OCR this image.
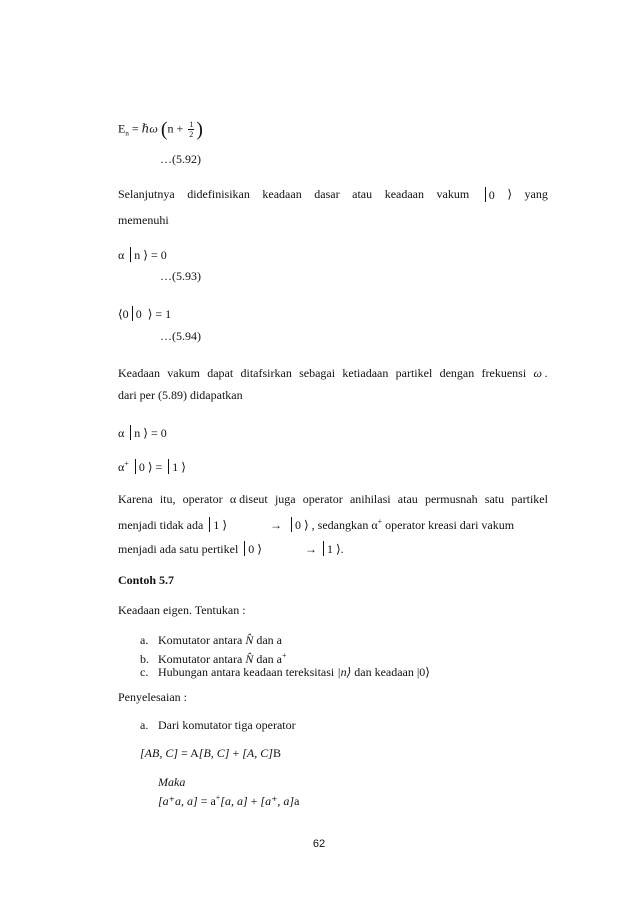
$E_n$ = ℏω ($n + \frac{1}{2}$ )
…(5.92)
Selanjutnya didefinisikan keadaan dasar atau keadaan vakum	0 ⟩ yang
memenuhi
α n ⟩ = 0
…(5.93)
⟨0 0 ⟩ = 1
…(5.94)
Keadaan vakum dapat ditafsirkan sebagai ketiadaan partikel dengan frekuensi ω .
dari per (5.89) didapatkan
α n ⟩ = 0
α+ 0 ⟩ = 1 ⟩
Karena itu, operator α diseut juga operator anihilasi atau permusnah satu partikel
menjadi tidak ada 1 ⟩	→ 0 ⟩ , sedangkan α+ operator kreasi dari vakum
menjadi ada satu pertikel 0 ⟩	→ 1 ⟩.
Contoh 5.7
Keadaan eigen. Tentukan :
a. Komutator antara N̂ dan a
b. Komutator antara N̂ dan a+
c. Hubungan antara keadaan tereksitasi |n⟩ dan keadaan |0⟩
Penyelesaian :
a. Dari komutator tiga operator
[AB, C] = A[B, C] + [A, C]B
Maka
[a⁺a, a] = a+[a, a] + [a⁺, a]a
62
